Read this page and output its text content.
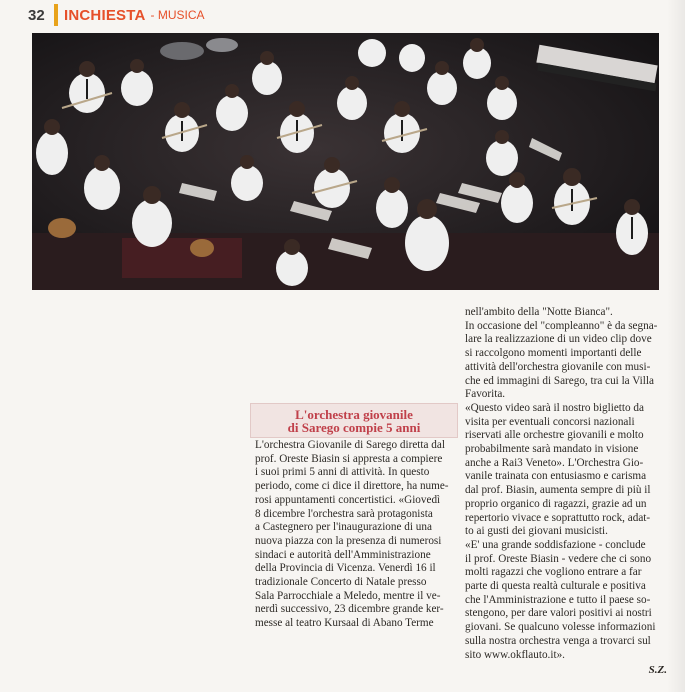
32	INCHIESTA - MUSICA
L'orchestra giovanile
di Sarego compie 5 anni
L'orchestra Giovanile di Sarego diretta dal
prof. Oreste Biasin si appresta a compiere
i suoi primi 5 anni di attività. In questo
periodo, come ci dice il direttore, ha nume-
rosi appuntamenti concertistici. «Giovedì
8 dicembre l'orchestra sarà protagonista
a Castegnero per l'inaugurazione di una
nuova piazza con la presenza di numerosi
sindaci e autorità dell'Amministrazione
della Provincia di Vicenza. Venerdì 16 il
tradizionale Concerto di Natale presso
Sala Parrocchiale a Meledo, mentre il ve-
nerdì successivo, 23 dicembre grande ker-
messe al teatro Kursaal di Abano Terme
nell'ambito della "Notte Bianca".
In occasione del "compleanno" è da segna-
lare la realizzazione di un video clip dove
si raccolgono momenti importanti delle
attività dell'orchestra giovanile con musi-
che ed immagini di Sarego, tra cui la Villa
Favorita.
«Questo video sarà il nostro biglietto da
visita per eventuali concorsi nazionali
riservati alle orchestre giovanili e molto
probabilmente sarà mandato in visione
anche a Rai3 Veneto». L'Orchestra Gio-
vanile trainata con entusiasmo e carisma
dal prof. Biasin, aumenta sempre di più il
proprio organico di ragazzi, grazie ad un
repertorio vivace e soprattutto rock, adat-
to ai gusti dei giovani musicisti.
«E' una grande soddisfazione - conclude
il prof. Oreste Biasin - vedere che ci sono
molti ragazzi che vogliono entrare a far
parte di questa realtà culturale e positiva
che l'Amministrazione e tutto il paese so-
stengono, per dare valori positivi ai nostri
giovani. Se qualcuno volesse informazioni
sulla nostra orchestra venga a trovarci sul
sito www.okflauto.it».
S.Z.
